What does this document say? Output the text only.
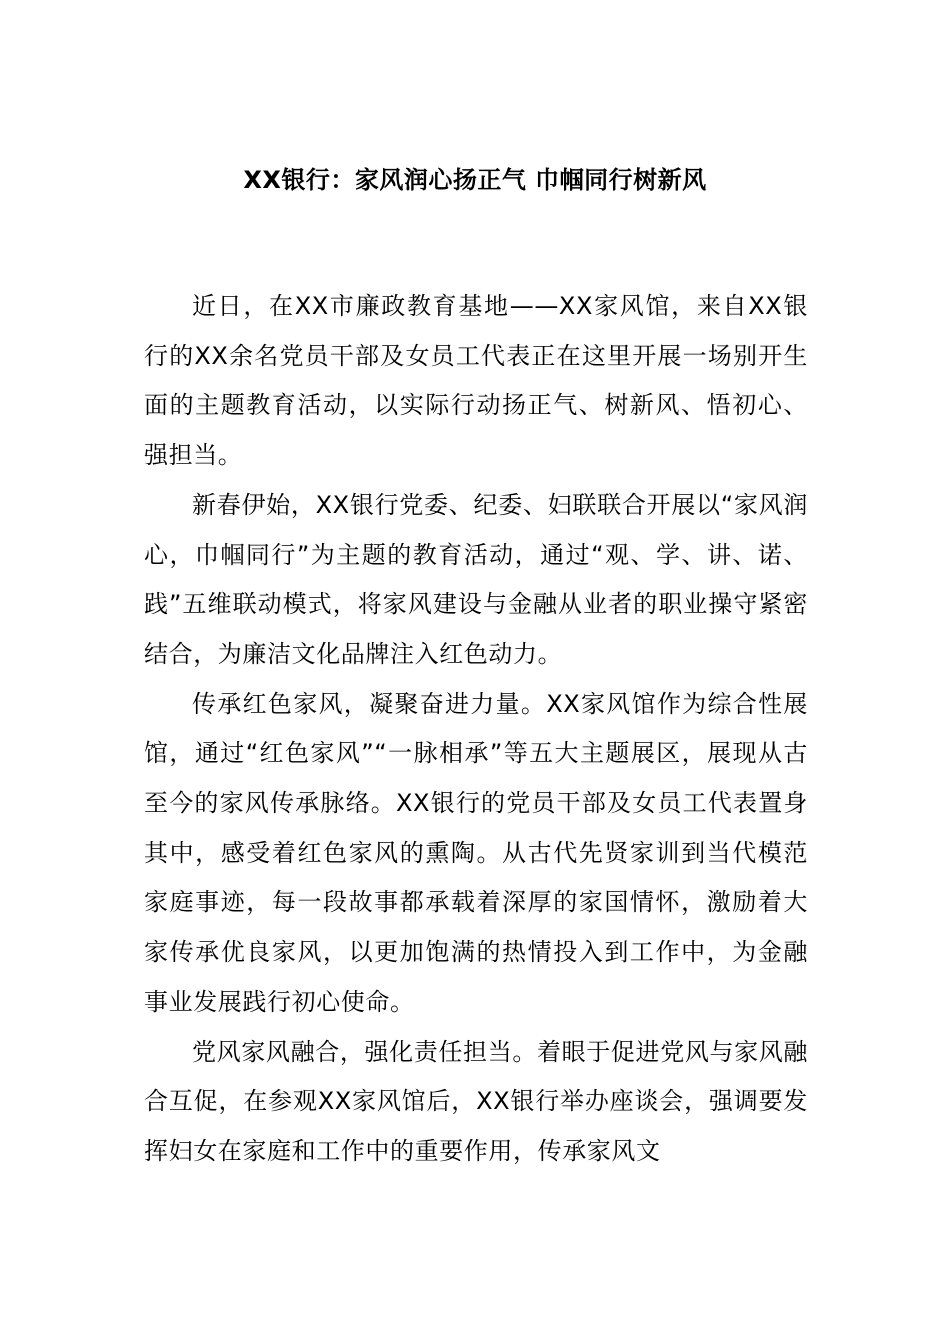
XX银行：家风润心扬正气 巾帼同行树新风

近日，在XX市廉政教育基地——XX家风馆，来自XX银行的XX余名党员干部及女员工代表正在这里开展一场别开生面的主题教育活动，以实际行动扬正气、树新风、悟初心、强担当。

新春伊始，XX银行党委、纪委、妇联联合开展以“家风润心，巾帼同行”为主题的教育活动，通过“观、学、讲、诺、践”五维联动模式，将家风建设与金融从业者的职业操守紧密结合，为廉洁文化品牌注入红色动力。

传承红色家风，凝聚奋进力量。XX家风馆作为综合性展馆，通过“红色家风”“一脉相承”等五大主题展区，展现从古至今的家风传承脉络。XX银行的党员干部及女员工代表置身其中，感受着红色家风的熏陶。从古代先贤家训到当代模范家庭事迹，每一段故事都承载着深厚的家国情怀，激励着大家传承优良家风，以更加饱满的热情投入到工作中，为金融事业发展践行初心使命。

党风家风融合，强化责任担当。着眼于促进党风与家风融合互促，在参观XX家风馆后，XX银行举办座谈会，强调要发挥妇女在家庭和工作中的重要作用，传承家风文
